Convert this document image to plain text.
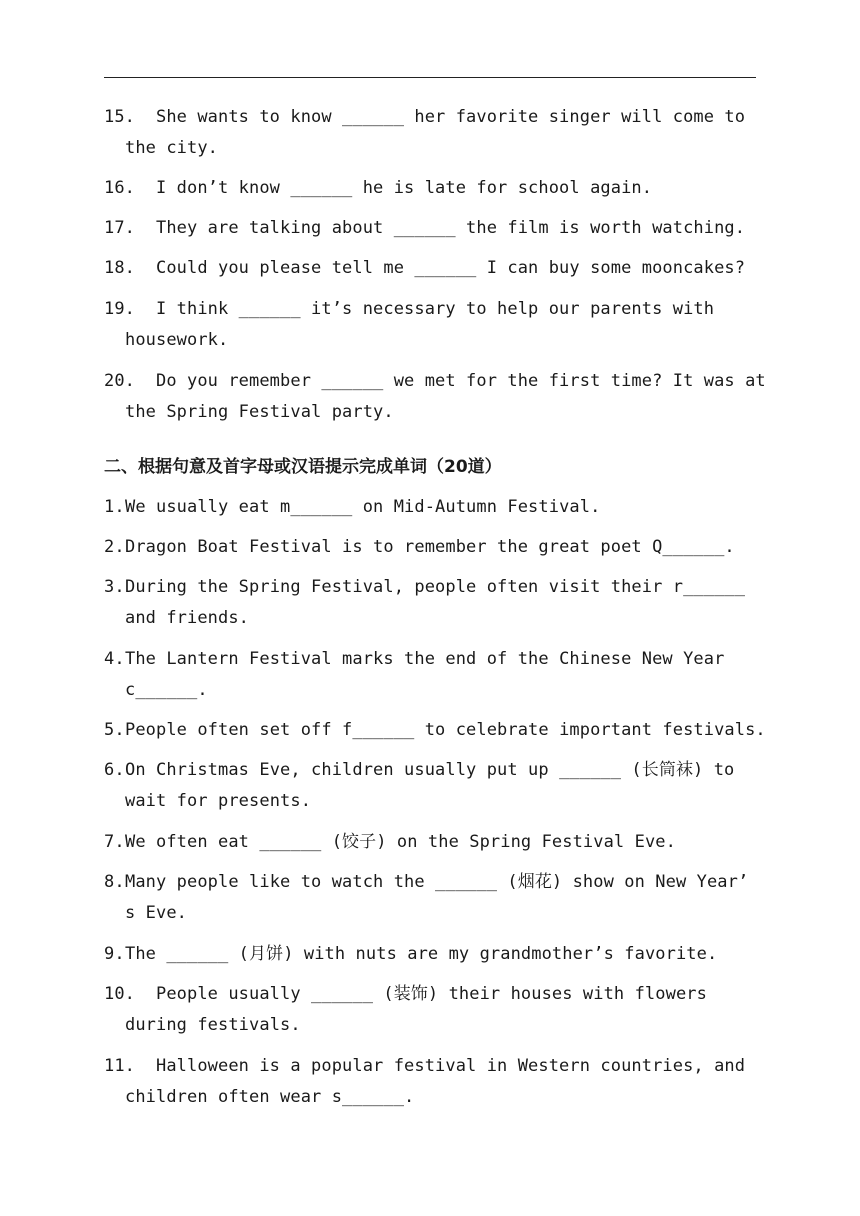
15. She wants to know ______ her favorite singer will come to
the city.
16. I don’t know ______ he is late for school again.
17. They are talking about ______ the film is worth watching.
18. Could you please tell me ______ I can buy some mooncakes?
19. I think ______ it’s necessary to help our parents with
housework.
20. Do you remember ______ we met for the first time? It was at
the Spring Festival party.
二、根据句意及首字母或汉语提示完成单词（20道）
1.We usually eat m______ on Mid-Autumn Festival.
2.Dragon Boat Festival is to remember the great poet Q______.
3.During the Spring Festival, people often visit their r______
and friends.
4.The Lantern Festival marks the end of the Chinese New Year
c______.
5.People often set off f______ to celebrate important festivals.
6.On Christmas Eve, children usually put up ______ (长筒袜) to
wait for presents.
7.We often eat ______ (饺子) on the Spring Festival Eve.
8.Many people like to watch the ______ (烟花) show on New Year’
s Eve.
9.The ______ (月饼) with nuts are my grandmother’s favorite.
10. People usually ______ (装饰) their houses with flowers
during festivals.
11. Halloween is a popular festival in Western countries, and
children often wear s______.
